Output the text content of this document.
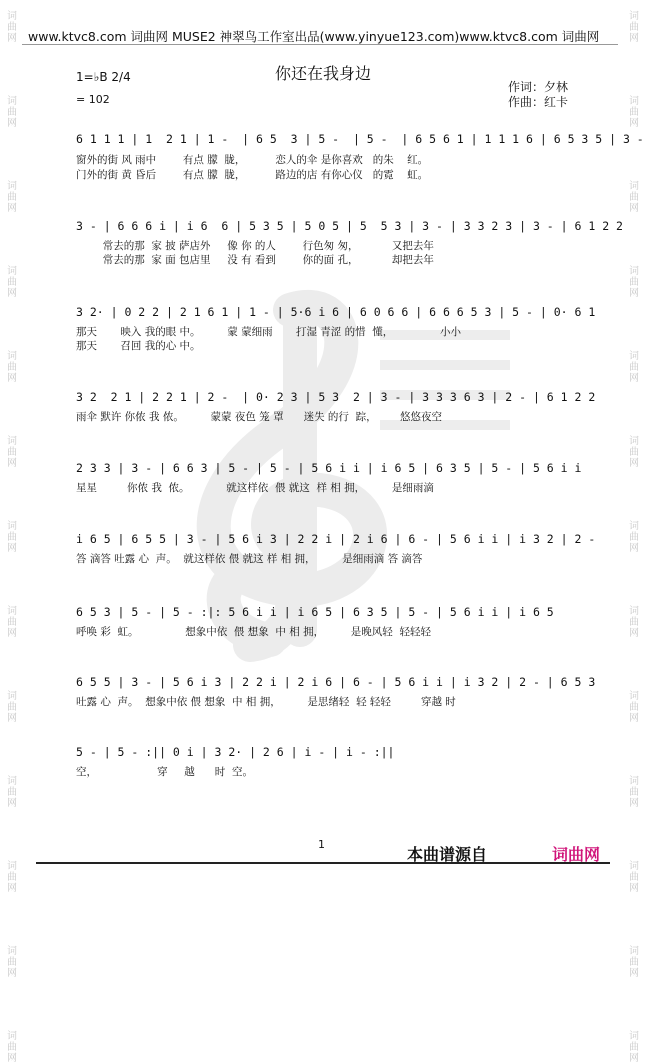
词
曲
网
词
曲
网
词
曲
网
词
曲
网
词
曲
网
词
曲
网
词
曲
网
词
曲
网
词
曲
网
词
曲
网
词
曲
网
词
曲
网
词
曲
网
词
曲
网
词
曲
网
词
曲
网
词
曲
网
词
曲
网
词
曲
网
词
曲
网
词
曲
网
词
曲
网
词
曲
网
词
曲
网
词
曲
网
词
曲
网
www.ktvc8.com 词曲网 MUSE2 神翠鸟工作室出品(www.yinyue123.com)www.ktvc8.com 词曲网
你还在我身边
1=♭B 2/4
= 102
作词：夕林
作曲：红卡
6 1 1 1 | 1  2 1 | 1 -  | 6 5  3 | 5 -  | 5 -  | 6 5 6 1 | 1 1 1 6 | 6 5 3 5 | 3 -
窗外的街 风 雨中        有点 朦  胧，         恋人的伞 是你喜欢   的朱    红。
门外的街 黄 昏后        有点 朦  胧，         路边的店 有你心仪   的霓    虹。
3 - | 6 6 6 i | i 6  6 | 5 3 5 | 5 0 5 | 5  5 3 | 3 - | 3 3 2 3 | 3 - | 6 1 2 2
常去的那  家 披 萨店外     像 你 的人        行色匆 匆，          又把去年
常去的那  家 面 包店里     没 有 看到        你的面 孔，          却把去年
3 2· | 0 2 2 | 2 1 6 1 | 1 - | 5·6 i 6 | 6 0 6 6 | 6 6 6 5 3 | 5 - | 0· 6 1
那天       映入 我的眼 中。        蒙 蒙细雨       打湿 青涩 的惜  懂，              小小
那天       召回 我的心 中。
3 2  2 1 | 2 2 1 | 2 -  | 0· 2 3 | 5 3  2 | 3 - | 3 3 3 6 3 | 2 - | 6 1 2 2
雨伞 默许 你侬 我 侬。        蒙蒙 夜色 笼 罩      迷失 的行  踪，       悠悠夜空
2 3 3 | 3 - | 6 6 3 | 5 - | 5 - | 5 6 i i | i 6 5 | 6 3 5 | 5 - | 5 6 i i
星星         你侬 我  侬。           就这样依  偎 就这  样 相 拥，        是细雨滴
i 6 5 | 6 5 5 | 3 - | 5 6 i 3 | 2 2 i | 2 i 6 | 6 - | 5 6 i i | i 3 2 | 2 -
答 滴答 吐露 心  声。  就这样依 偎 就这 样 相 拥，        是细雨滴 答 滴答
6 5 3 | 5 - | 5 - :|: 5 6 i i | i 6 5 | 6 3 5 | 5 - | 5 6 i i | i 6 5
呼唤 彩  虹。              想象中依  偎 想象  中 相 拥，        是晚风轻  轻轻轻
6 5 5 | 3 - | 5 6 i 3 | 2 2 i | 2 i 6 | 6 - | 5 6 i i | i 3 2 | 2 - | 6 5 3
吐露 心  声。  想象中依 偎 想象  中 相 拥，        是思绪轻  轻 轻轻         穿越 时
5 - | 5 - :|| 0 i | 3 2· | 2 6 | i - | i - :||
空，                  穿     越      时  空。
1
本曲谱源自	词曲网
